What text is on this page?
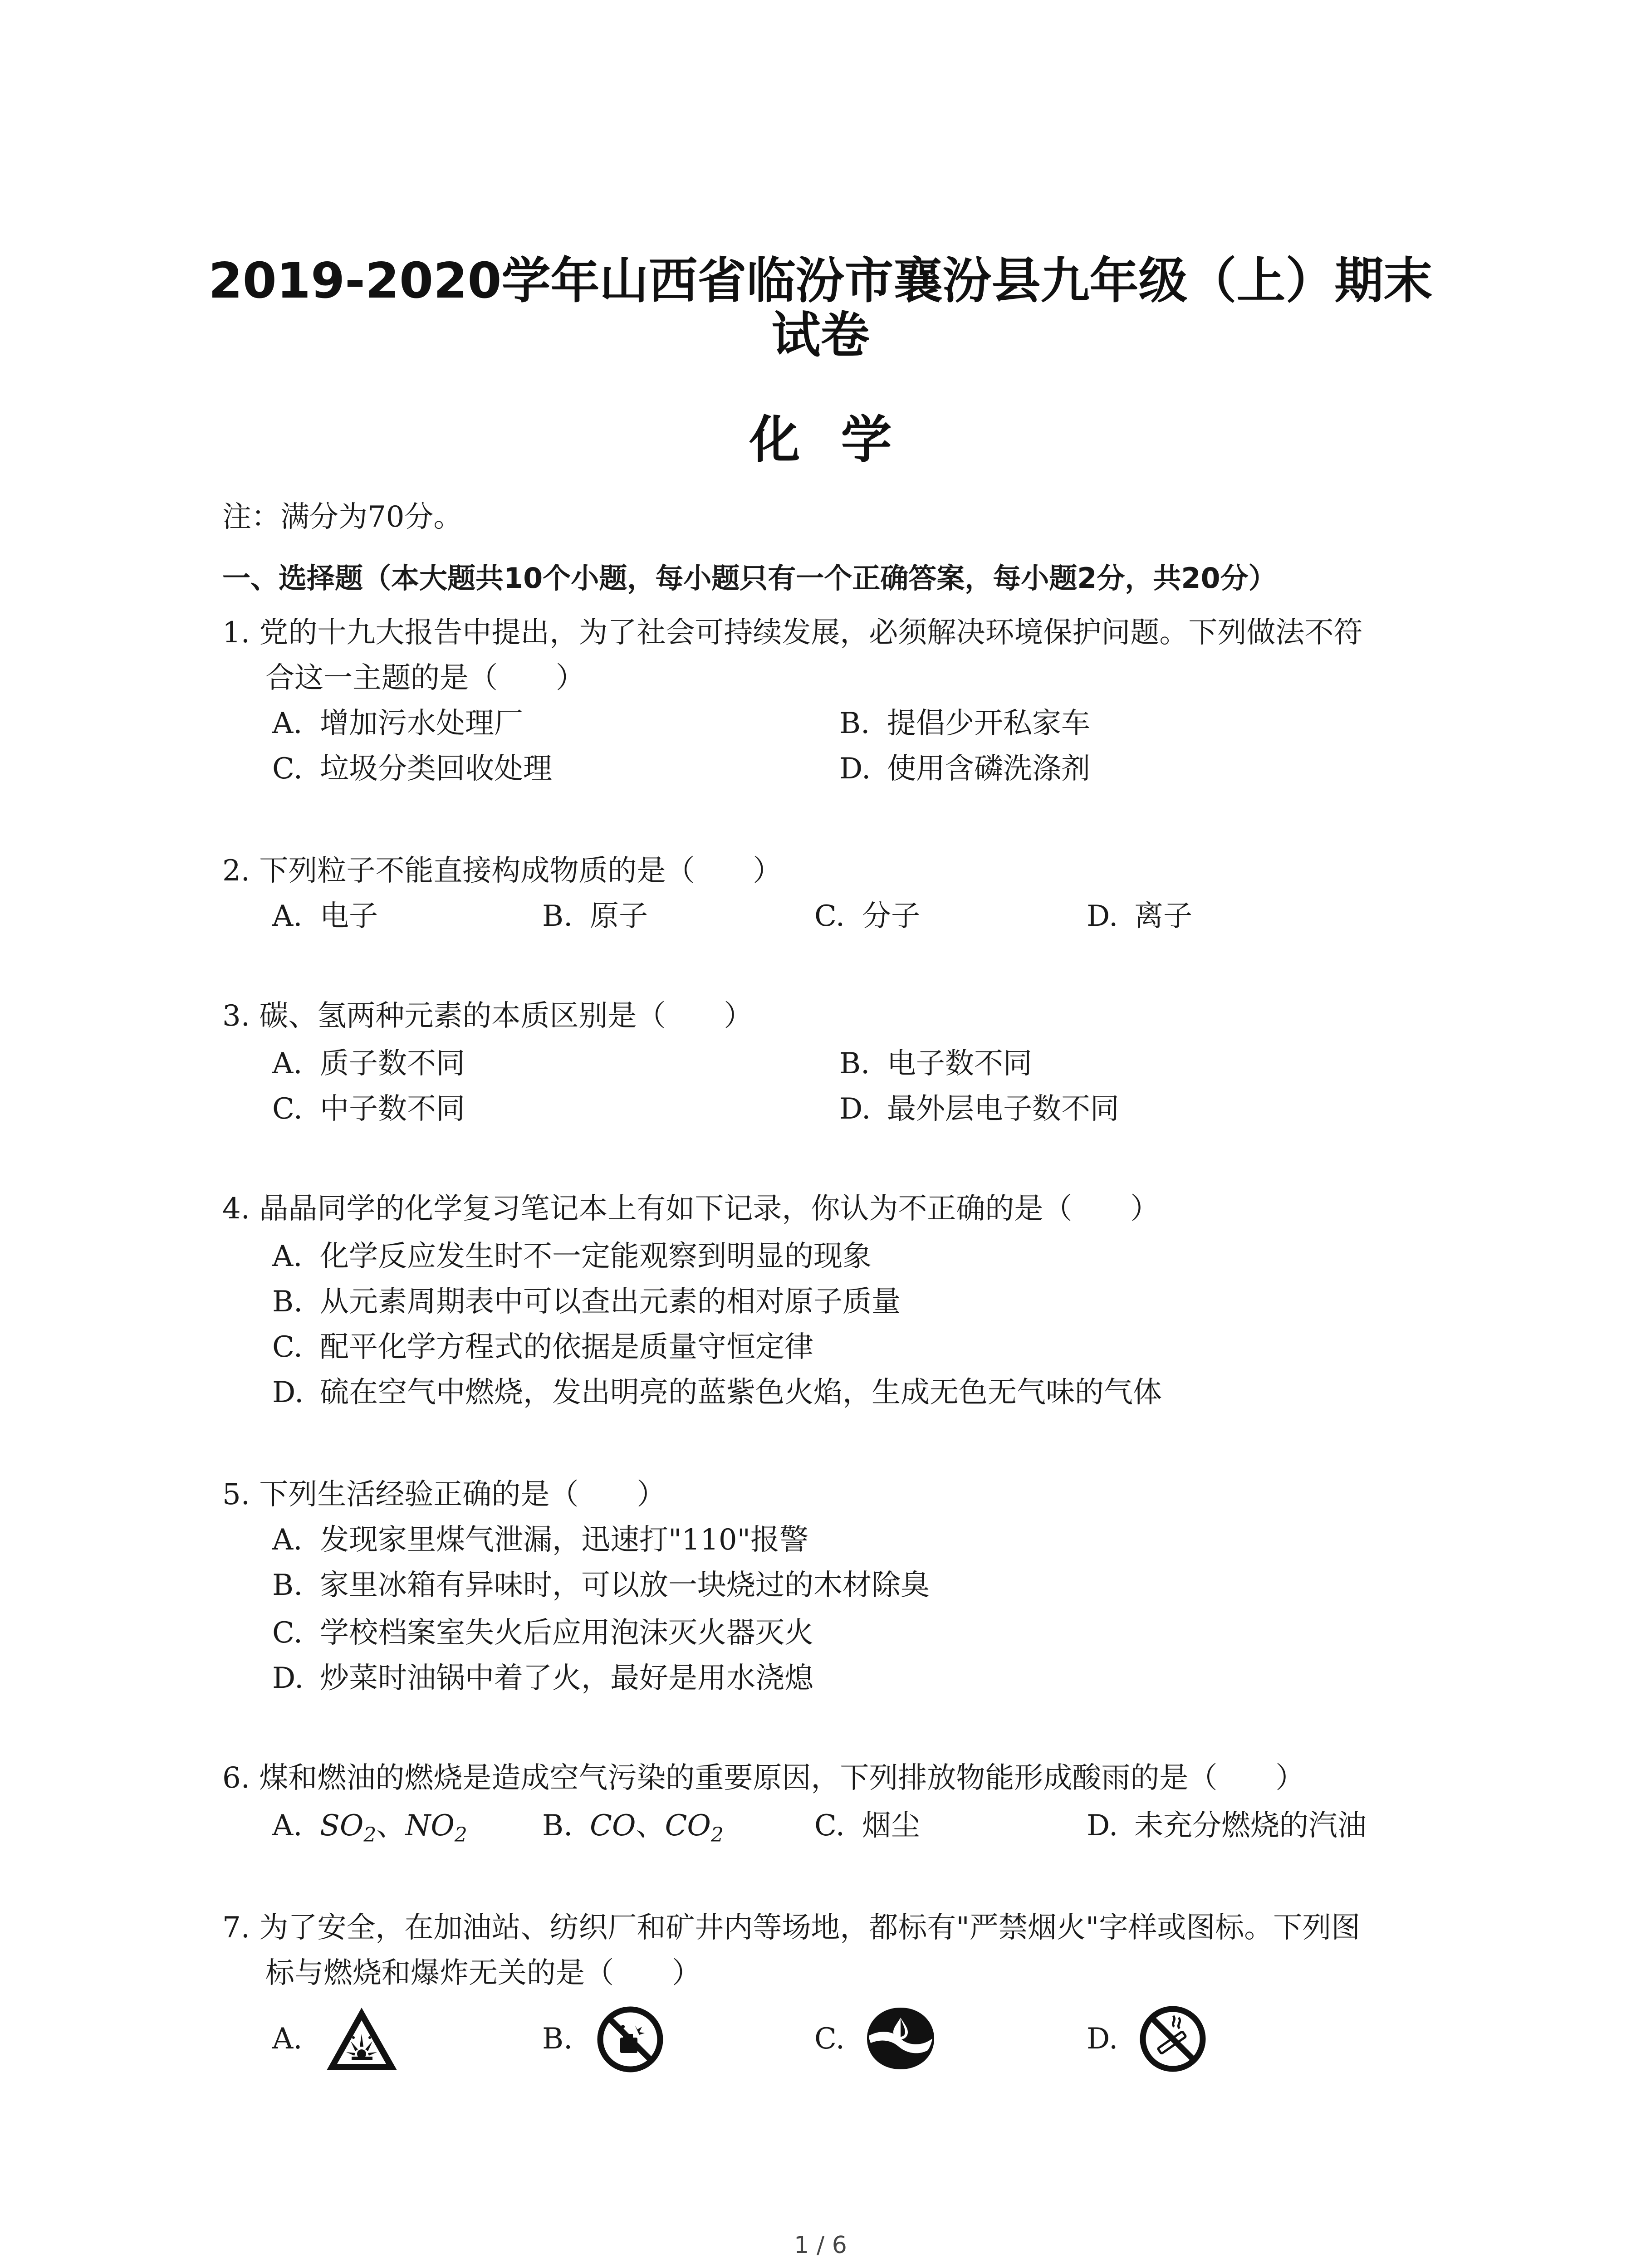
2019-2020学年山西省临汾市襄汾县九年级（上）期末
试卷
化学
注：满分为70分。
一、选择题（本大题共10个小题，每小题只有一个正确答案，每小题2分，共20分）
1. 党的十九大报告中提出，为了社会可持续发展，必须解决环境保护问题。下列做法不符
合这一主题的是（　　）
A. 增加污水处理厂	B. 提倡少开私家车
C. 垃圾分类回收处理	D. 使用含磷洗涤剂
2. 下列粒子不能直接构成物质的是（　　）
A. 电子	B. 原子	C. 分子	D. 离子
3. 碳、氢两种元素的本质区别是（　　）
A. 质子数不同	B. 电子数不同
C. 中子数不同	D. 最外层电子数不同
4. 晶晶同学的化学复习笔记本上有如下记录，你认为不正确的是（　　）
A. 化学反应发生时不一定能观察到明显的现象
B. 从元素周期表中可以查出元素的相对原子质量
C. 配平化学方程式的依据是质量守恒定律
D. 硫在空气中燃烧，发出明亮的蓝紫色火焰，生成无色无气味的气体
5. 下列生活经验正确的是（　　）
A. 发现家里煤气泄漏，迅速打"110"报警
B. 家里冰箱有异味时，可以放一块烧过的木材除臭
C. 学校档案室失火后应用泡沫灭火器灭火
D. 炒菜时油锅中着了火，最好是用水浇熄
6. 煤和燃油的燃烧是造成空气污染的重要原因，下列排放物能形成酸雨的是（　　）
A. $SO_2$、$NO_2$	B. CO、$CO_2$	C. 烟尘	D. 未充分燃烧的汽油
7. 为了安全，在加油站、纺织厂和矿井内等场地，都标有"严禁烟火"字样或图标。下列图
标与燃烧和爆炸无关的是（　　）
A.	B.	C.	D.
1 / 6
